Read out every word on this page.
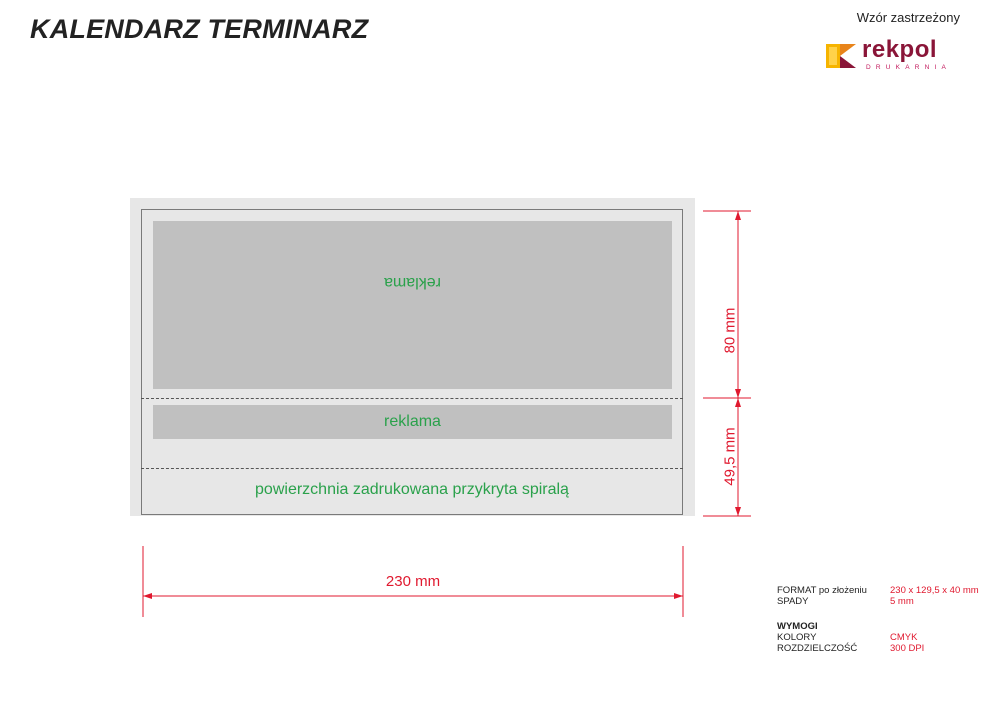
KALENDARZ TERMINARZ	Wzór zastrzeżony
rekpol
DRUKARNIA
reklama
reklama
powierzchnia zadrukowana przykryta spiralą
80 mm
49,5 mm
230 mm
FORMAT po złożeniu 230 x 129,5 x 40 mm
SPADY	5 mm
WYMOGI
KOLORY	CMYK
ROZDZIELCZOŚĆ	300 DPI
